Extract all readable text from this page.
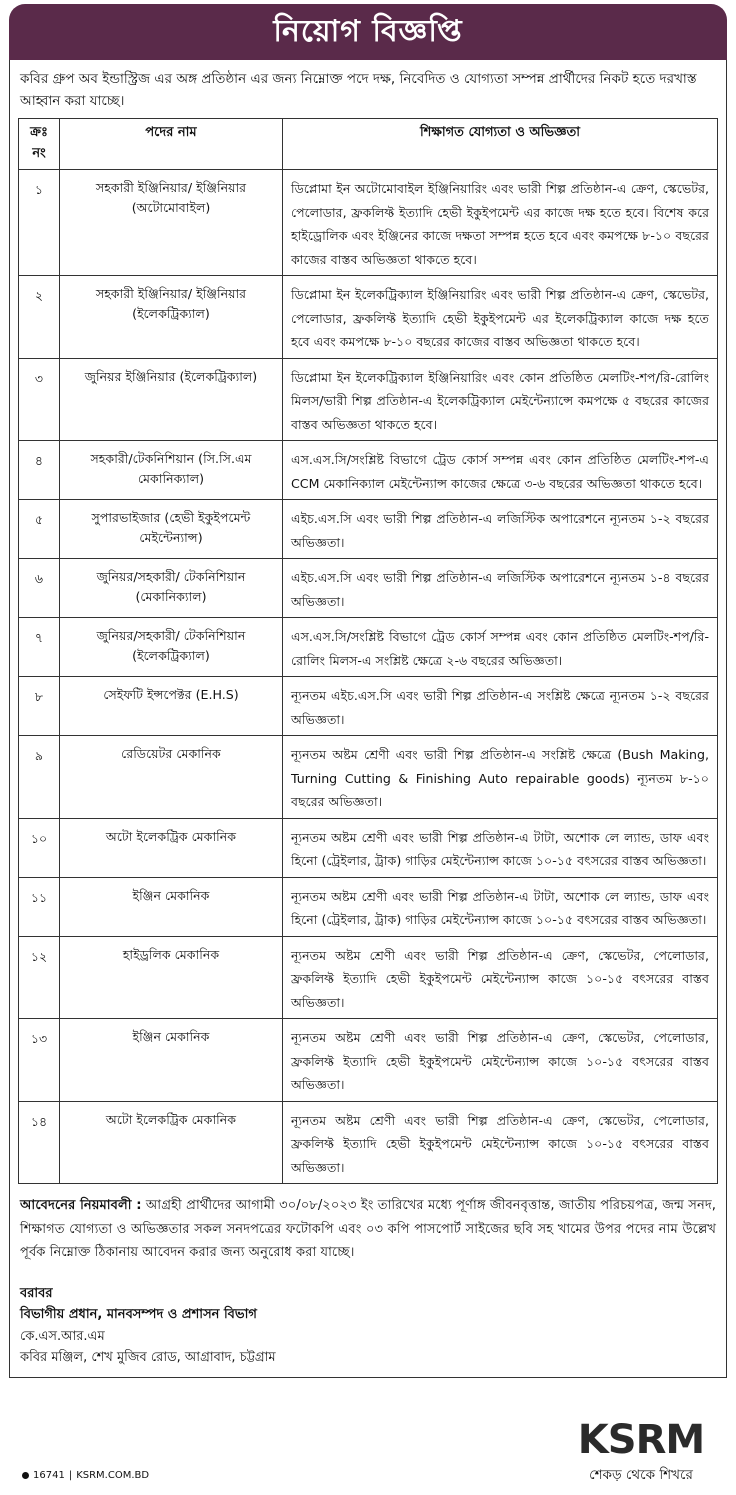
নিয়োগ বিজ্ঞপ্তি
কবির গ্রুপ অব ইন্ডাস্ট্রিজ এর অঙ্গ প্রতিষ্ঠান এর জন্য নিম্নোক্ত পদে দক্ষ, নিবেদিত ও যোগ্যতা সম্পন্ন প্রার্থীদের নিকট হতে দরখাস্ত আহ্বান করা যাচ্ছে।
ক্রঃ নং	পদের নাম	শিক্ষাগত যোগ্যতা ও অভিজ্ঞতা
১	সহকারী ইঞ্জিনিয়ার/ ইঞ্জিনিয়ার (অটোমোবাইল)	ডিপ্লোমা ইন অটোমোবাইল ইঞ্জিনিয়ারিং এবং ভারী শিল্প প্রতিষ্ঠান-এ ক্রেণ, স্কেভেটর, পেলোডার, ফ্রকলিফ্ট ইত্যাদি হেভী ইকুইপমেন্ট এর কাজে দক্ষ হতে হবে। বিশেষ করে হাইড্রোলিক এবং ইঞ্জিনের কাজে দক্ষতা সম্পন্ন হতে হবে এবং কমপক্ষে ৮-১০ বছরের কাজের বাস্তব অভিজ্ঞতা থাকতে হবে।
২	সহকারী ইঞ্জিনিয়ার/ ইঞ্জিনিয়ার (ইলেকট্রিক্যাল)	ডিপ্লোমা ইন ইলেকট্রিক্যাল ইঞ্জিনিয়ারিং এবং ভারী শিল্প প্রতিষ্ঠান-এ ক্রেণ, স্কেভেটর, পেলোডার, ফ্রকলিফ্ট ইত্যাদি হেভী ইকুইপমেন্ট এর ইলেকট্রিক্যাল কাজে দক্ষ হতে হবে এবং কমপক্ষে ৮-১০ বছরের কাজের বাস্তব অভিজ্ঞতা থাকতে হবে।
৩	জুনিয়র ইঞ্জিনিয়ার (ইলেকট্রিক্যাল)	ডিপ্লোমা ইন ইলেকট্রিক্যাল ইঞ্জিনিয়ারিং এবং কোন প্রতিষ্ঠিত মেলটিং-শপ/রি-রোলিং মিলস/ভারী শিল্প প্রতিষ্ঠান-এ ইলেকট্রিক্যাল মেইন্টেন্যান্সে কমপক্ষে ৫ বছরের কাজের বাস্তব অভিজ্ঞতা থাকতে হবে।
৪	সহকারী/টেকনিশিয়ান (সি.সি.এম মেকানিক্যাল)	এস.এস.সি/সংশ্লিষ্ট বিভাগে ট্রেড কোর্স সম্পন্ন এবং কোন প্রতিষ্ঠিত মেলটিং-শপ-এ CCM মেকানিক্যাল মেইন্টেন্যান্স কাজের ক্ষেত্রে ৩-৬ বছরের অভিজ্ঞতা থাকতে হবে।
৫	সুপারভাইজার (হেভী ইকুইপমেন্ট মেইন্টেন্যান্স)	এইচ.এস.সি এবং ভারী শিল্প প্রতিষ্ঠান-এ লজিস্টিক অপারেশনে ন্যূনতম ১-২ বছরের অভিজ্ঞতা।
৬	জুনিয়র/সহকারী/ টেকনিশিয়ান (মেকানিক্যাল)	এইচ.এস.সি এবং ভারী শিল্প প্রতিষ্ঠান-এ লজিস্টিক অপারেশনে ন্যূনতম ১-৪ বছরের অভিজ্ঞতা।
৭	জুনিয়র/সহকারী/ টেকনিশিয়ান (ইলেকট্রিক্যাল)	এস.এস.সি/সংশ্লিষ্ট বিভাগে ট্রেড কোর্স সম্পন্ন এবং কোন প্রতিষ্ঠিত মেলটিং-শপ/রি-রোলিং মিলস-এ সংশ্লিষ্ট ক্ষেত্রে ২-৬ বছরের অভিজ্ঞতা।
৮	সেইফটি ইন্সপেক্টর (E.H.S)	ন্যূনতম এইচ.এস.সি এবং ভারী শিল্প প্রতিষ্ঠান-এ সংশ্লিষ্ট ক্ষেত্রে ন্যূনতম ১-২ বছরের অভিজ্ঞতা।
৯	রেডিয়েটর মেকানিক	ন্যূনতম অষ্টম শ্রেণী এবং ভারী শিল্প প্রতিষ্ঠান-এ সংশ্লিষ্ট ক্ষেত্রে (Bush Making, Turning Cutting & Finishing Auto repairable goods) ন্যূনতম ৮-১০ বছরের অভিজ্ঞতা।
১০	অটো ইলেকট্রিক মেকানিক	ন্যূনতম অষ্টম শ্রেণী এবং ভারী শিল্প প্রতিষ্ঠান-এ টাটা, অশোক লে ল্যান্ড, ডাফ এবং হিনো (ট্রেইলার, ট্রাক) গাড়ির মেইন্টেন্যান্স কাজে ১০-১৫ বৎসরের বাস্তব অভিজ্ঞতা।
১১	ইঞ্জিন মেকানিক	ন্যূনতম অষ্টম শ্রেণী এবং ভারী শিল্প প্রতিষ্ঠান-এ টাটা, অশোক লে ল্যান্ড, ডাফ এবং হিনো (ট্রেইলার, ট্রাক) গাড়ির মেইন্টেন্যান্স কাজে ১০-১৫ বৎসরের বাস্তব অভিজ্ঞতা।
১২	হাইড্রলিক মেকানিক	ন্যূনতম অষ্টম শ্রেণী এবং ভারী শিল্প প্রতিষ্ঠান-এ ক্রেণ, স্কেভেটর, পেলোডার, ফ্রকলিফ্ট ইত্যাদি হেভী ইকুইপমেন্ট মেইন্টেন্যান্স কাজে ১০-১৫ বৎসরের বাস্তব অভিজ্ঞতা।
১৩	ইঞ্জিন মেকানিক	ন্যূনতম অষ্টম শ্রেণী এবং ভারী শিল্প প্রতিষ্ঠান-এ ক্রেণ, স্কেভেটর, পেলোডার, ফ্রকলিফ্ট ইত্যাদি হেভী ইকুইপমেন্ট মেইন্টেন্যান্স কাজে ১০-১৫ বৎসরের বাস্তব অভিজ্ঞতা।
১৪	অটো ইলেকট্রিক মেকানিক	ন্যূনতম অষ্টম শ্রেণী এবং ভারী শিল্প প্রতিষ্ঠান-এ ক্রেণ, স্কেভেটর, পেলোডার, ফ্রকলিফ্ট ইত্যাদি হেভী ইকুইপমেন্ট মেইন্টেন্যান্স কাজে ১০-১৫ বৎসরের বাস্তব অভিজ্ঞতা।
আবেদনের নিয়মাবলী : আগ্রহী প্রার্থীদের আগামী ৩০/০৮/২০২৩ ইং তারিখের মধ্যে পূর্ণাঙ্গ জীবনবৃত্তান্ত, জাতীয় পরিচয়পত্র, জন্ম সনদ, শিক্ষাগত যোগ্যতা ও অভিজ্ঞতার সকল সনদপত্রের ফটোকপি এবং ০৩ কপি পাসপোর্ট সাইজের ছবি সহ খামের উপর পদের নাম উল্লেখ পূর্বক নিম্নোক্ত ঠিকানায় আবেদন করার জন্য অনুরোধ করা যাচ্ছে।
বরাবর
বিভাগীয় প্রধান, মানবসম্পদ ও প্রশাসন বিভাগ
কে.এস.আর.এম
কবির মঞ্জিল, শেখ মুজিব রোড, আগ্রাবাদ, চট্টগ্রাম
16741 | KSRM.COM.BD
KSRM
শেকড় থেকে শিখরে
